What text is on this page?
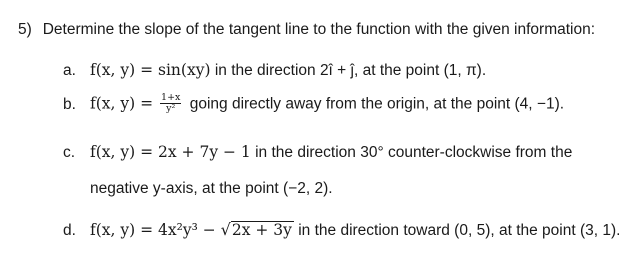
5) Determine the slope of the tangent line to the function with the given information:
a. f(x, y) = sin(xy) in the direction 2î + ĵ, at the point (1, π).
b. f(x, $y) = \frac{1+x}{\text{y²}}$ going directly away from the origin, at the point (4, −1).
c. f(x, y) = 2x + 7y − 1 in the direction 30° counter-clockwise from the
negative y-axis, at the point (−2, 2).
d. f(x, y) = 4x²y³ − √2x + 3y in the direction toward (0, 5), at the point (3, 1).
